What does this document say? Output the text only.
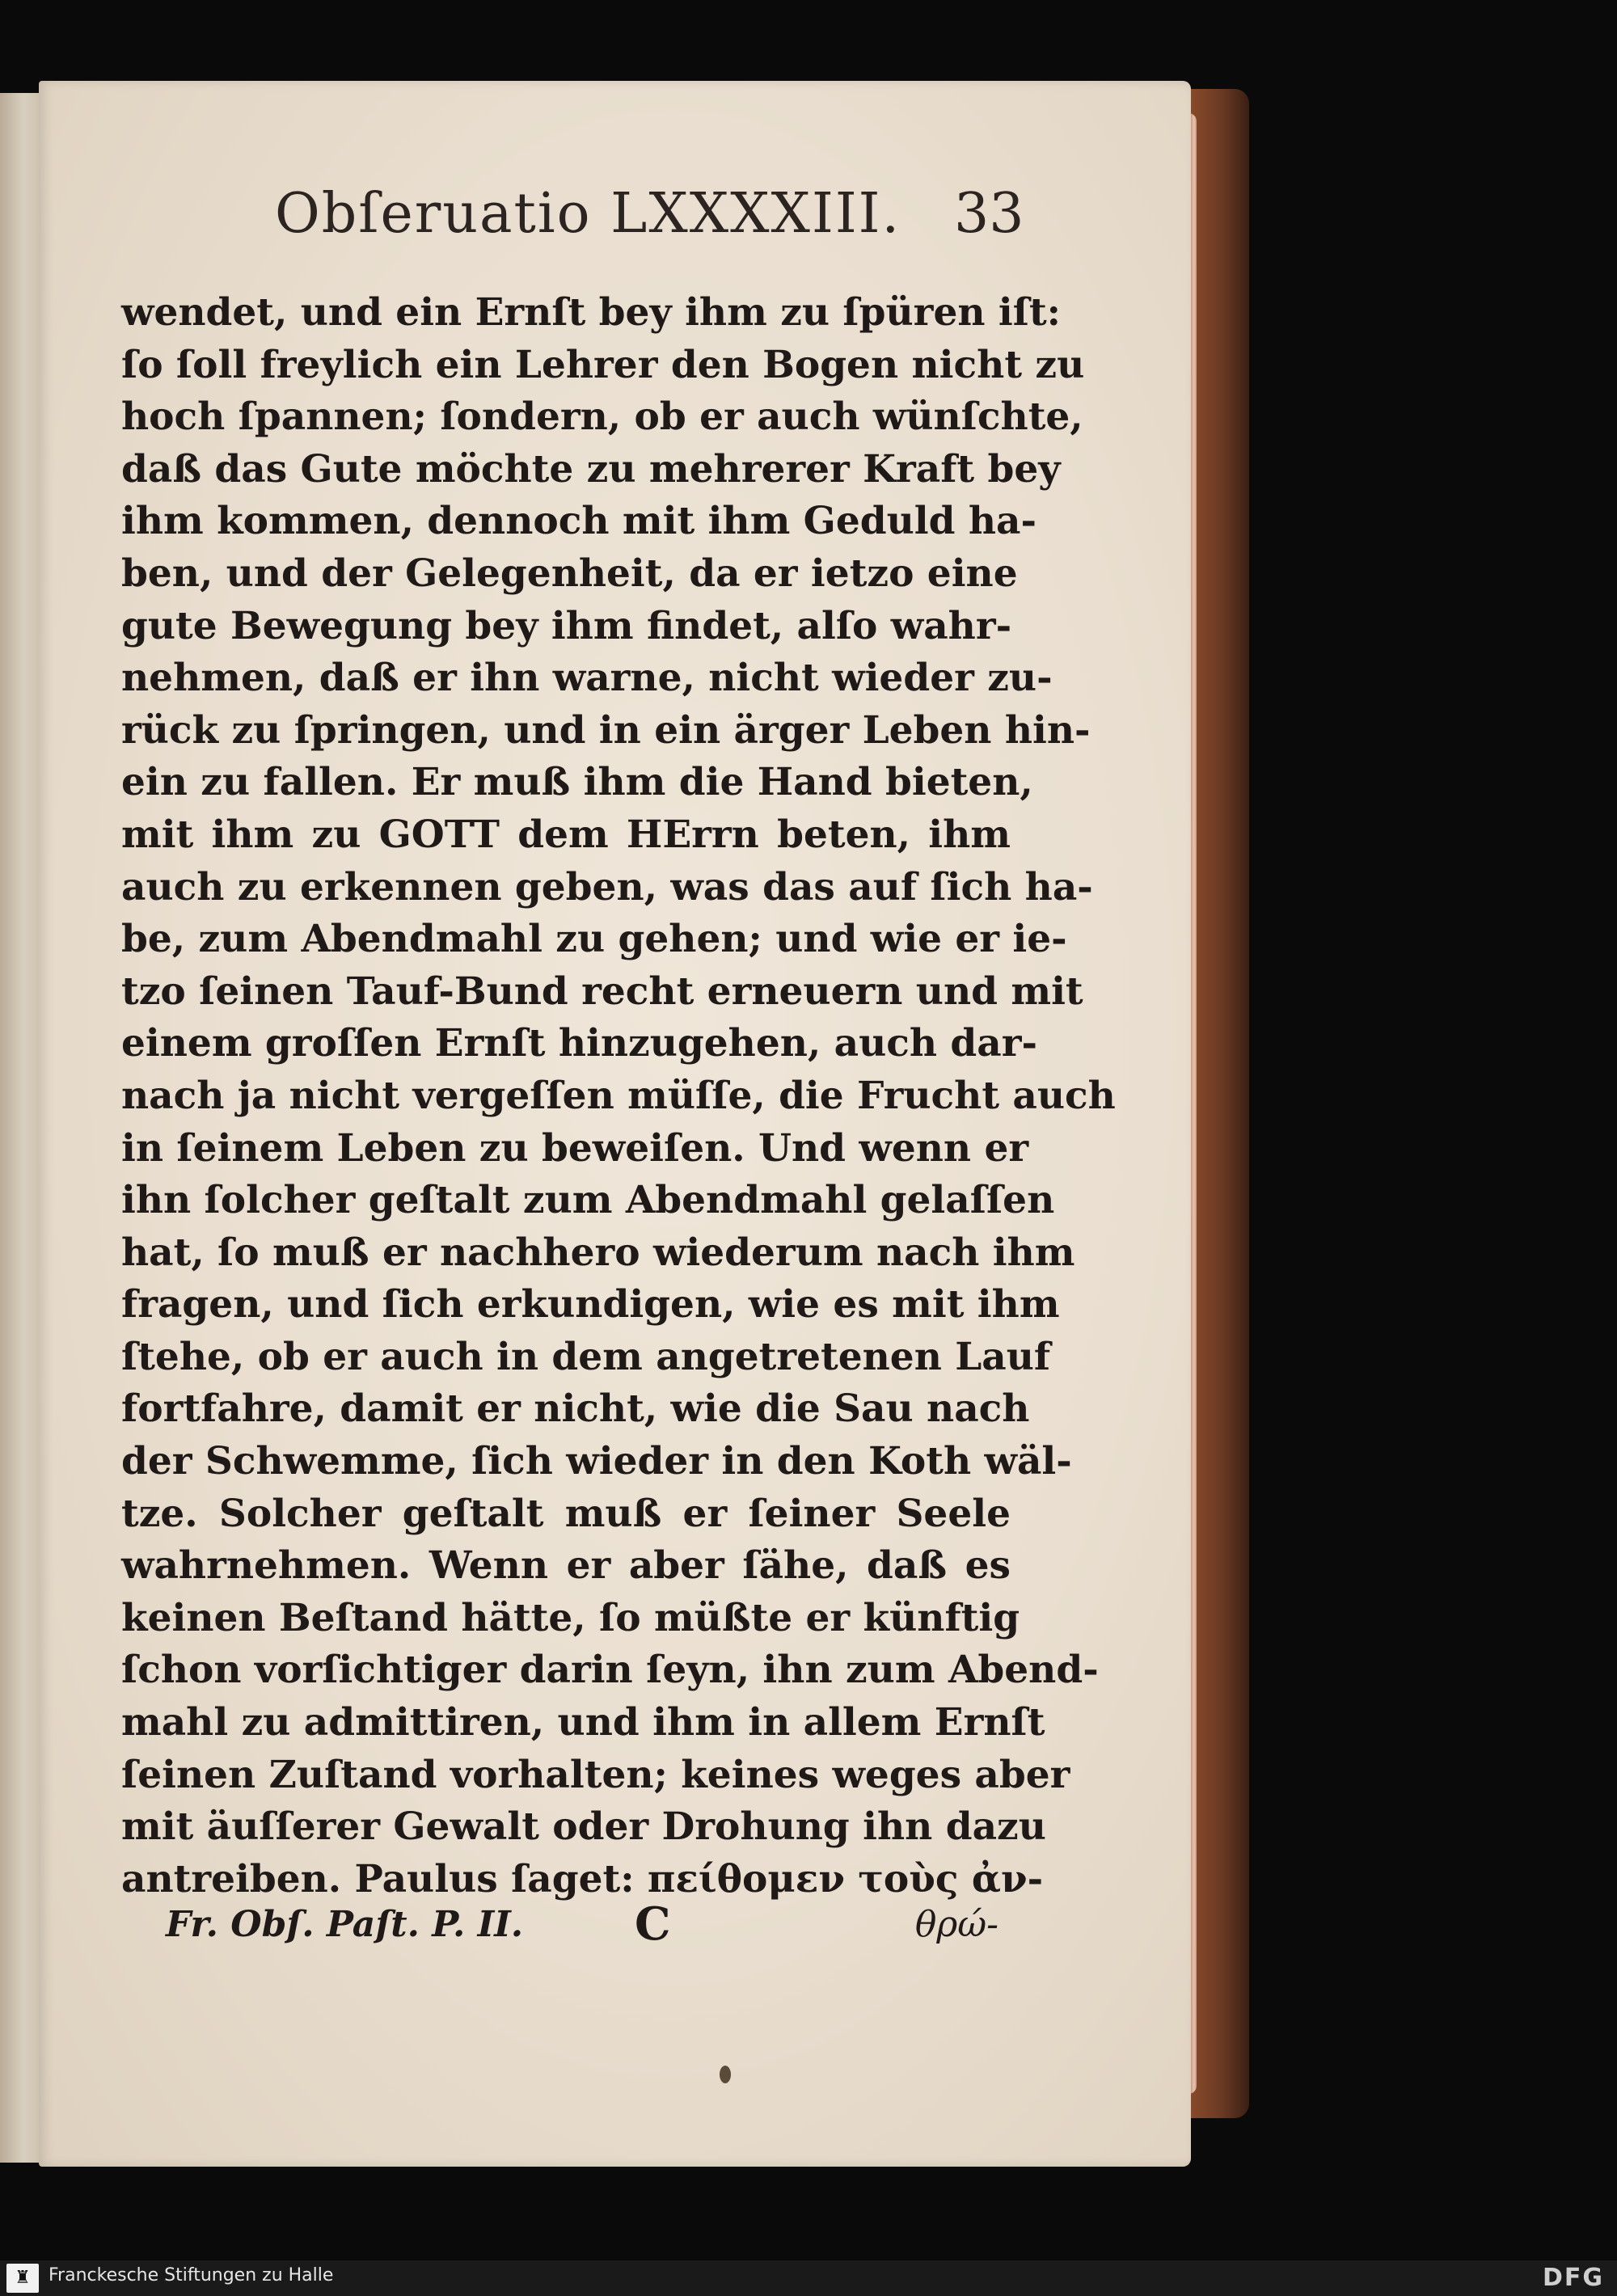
Obſeruatio LXXXXIII. 33
wendet, und ein Ernſt bey ihm zu ſpüren iſt:
ſo ſoll freylich ein Lehrer den Bogen nicht zu
hoch ſpannen; ſondern, ob er auch wünſchte,
daß das Gute möchte zu mehrerer Kraft bey
ihm kommen, dennoch mit ihm Geduld ha-
ben, und der Gelegenheit, da er ietzo eine
gute Bewegung bey ihm findet, alſo wahr-
nehmen, daß er ihn warne, nicht wieder zu-
rück zu ſpringen, und in ein ärger Leben hin-
ein zu fallen. Er muß ihm die Hand bieten,
mit ihm zu GOTT dem HErrn beten, ihm
auch zu erkennen geben, was das auf ſich ha-
be, zum Abendmahl zu gehen; und wie er ie-
tzo ſeinen Tauf-Bund recht erneuern und mit
einem groſſen Ernſt hinzugehen, auch dar-
nach ja nicht vergeſſen müſſe, die Frucht auch
in ſeinem Leben zu beweiſen. Und wenn er
ihn ſolcher geſtalt zum Abendmahl gelaſſen
hat, ſo muß er nachhero wiederum nach ihm
fragen, und ſich erkundigen, wie es mit ihm
ſtehe, ob er auch in dem angetretenen Lauf
fortfahre, damit er nicht, wie die Sau nach
der Schwemme, ſich wieder in den Koth wäl-
tze. Solcher geſtalt muß er ſeiner Seele
wahrnehmen. Wenn er aber ſähe, daß es
keinen Beſtand hätte, ſo müßte er künftig
ſchon vorſichtiger darin ſeyn, ihn zum Abend-
mahl zu admittiren, und ihm in allem Ernſt
ſeinen Zuſtand vorhalten; keines weges aber
mit äuſſerer Gewalt oder Drohung ihn dazu
antreiben. Paulus ſaget: πείθομεν τοὺς ἀν-
Fr. Obſ. Paſt. P. II. C	θρώ-
♜	Franckesche Stiftungen zu Halle	DFG
